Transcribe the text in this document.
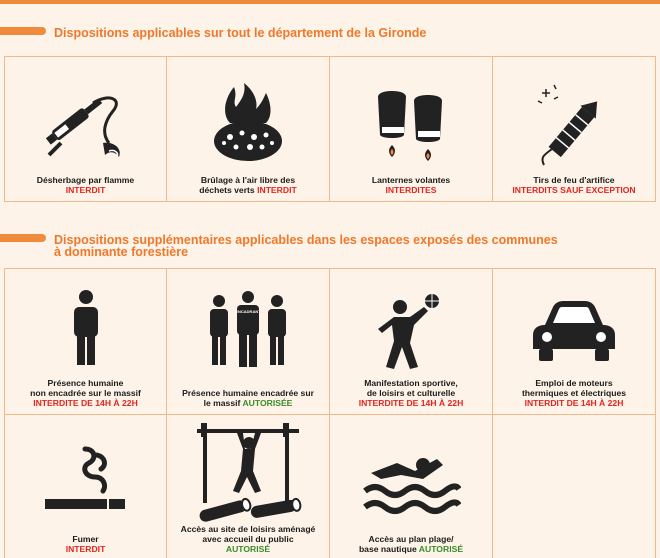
Dispositions applicables sur tout le département de la Gironde
Désherbage par flamme
INTERDIT
Brûlage à l'air libre des
déchets verts INTERDIT
Lanternes volantes
INTERDITES
Tirs de feu d'artifice
INTERDITS SAUF EXCEPTION
Dispositions supplémentaires applicables dans les espaces exposés des communes
à dominante forestière
Présence humaine
non encadrée sur le massif
INTERDITE DE 14H À 22H
ENCADRANT
Présence humaine encadrée sur
le massif AUTORISÉE
Manifestation sportive,
de loisirs et culturelle
INTERDITE DE 14H À 22H
Emploi de moteurs
thermiques et électriques
INTERDIT DE 14H À 22H
Fumer
INTERDIT
Accès au site de loisirs aménagé
avec accueil du public
AUTORISÉ
Accès au plan plage/
base nautique AUTORISÉ
